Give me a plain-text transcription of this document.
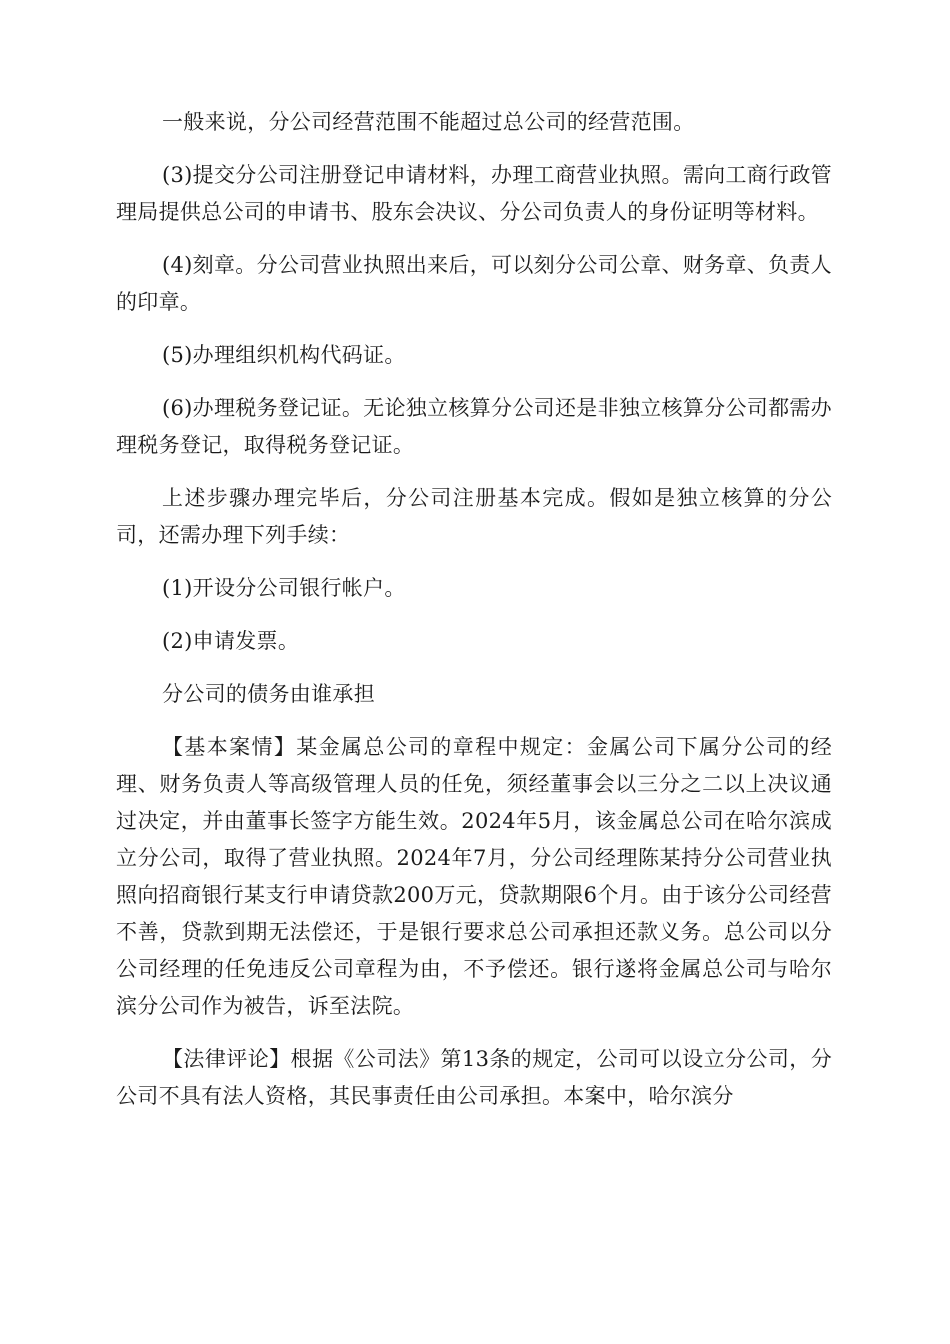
一般来说，分公司经营范围不能超过总公司的经营范围。

(3)提交分公司注册登记申请材料，办理工商营业执照。需向工商行政管理局提供总公司的申请书、股东会决议、分公司负责人的身份证明等材料。

(4)刻章。分公司营业执照出来后，可以刻分公司公章、财务章、负责人的印章。

(5)办理组织机构代码证。

(6)办理税务登记证。无论独立核算分公司还是非独立核算分公司都需办理税务登记，取得税务登记证。

上述步骤办理完毕后，分公司注册基本完成。假如是独立核算的分公司，还需办理下列手续：

(1)开设分公司银行帐户。

(2)申请发票。

分公司的债务由谁承担

【基本案情】某金属总公司的章程中规定：金属公司下属分公司的经理、财务负责人等高级管理人员的任免，须经董事会以三分之二以上决议通过决定，并由董事长签字方能生效。2024年5月，该金属总公司在哈尔滨成立分公司，取得了营业执照。2024年7月，分公司经理陈某持分公司营业执照向招商银行某支行申请贷款200万元，贷款期限6个月。由于该分公司经营不善，贷款到期无法偿还，于是银行要求总公司承担还款义务。总公司以分公司经理的任免违反公司章程为由，不予偿还。银行遂将金属总公司与哈尔滨分公司作为被告，诉至法院。

【法律评论】根据《公司法》第13条的规定，公司可以设立分公司，分公司不具有法人资格，其民事责任由公司承担。本案中，哈尔滨分
